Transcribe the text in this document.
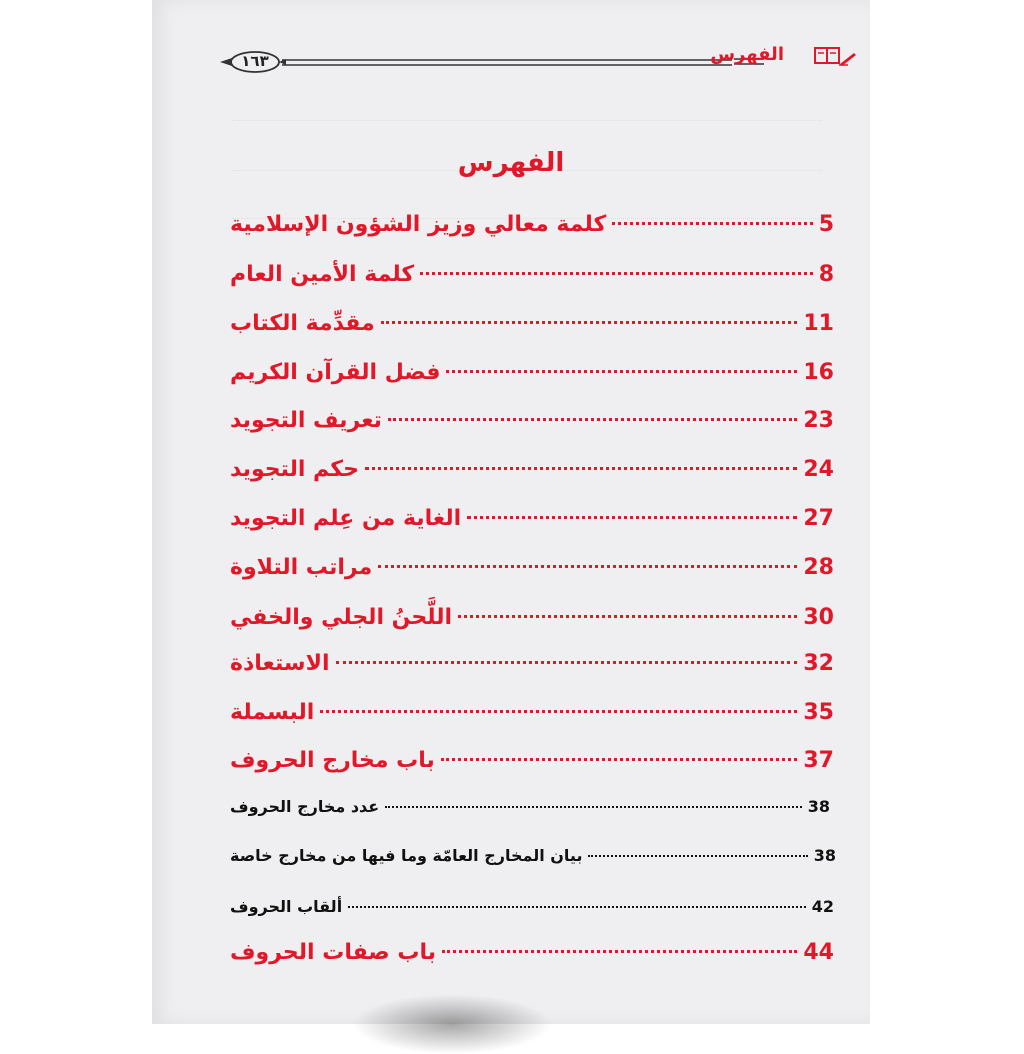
١٦٣	الفهرس
الفهرس
كلمة معالي وزيز الشؤون الإسلامية	5
كلمة الأمين العام	8
مقدِّمة الكتاب	11
فضل القرآن الكريم	16
تعريف التجويد	23
حكم التجويد	24
الغاية من عِلم التجويد	27
مراتب التلاوة	28
اللَّحنُ الجلي والخفي	30
الاستعاذة	32
البسملة	35
باب مخارج الحروف	37
عدد مخارج الحروف	38
بيان المخارج العامّة وما فيها من مخارج خاصة	38
ألقاب الحروف	42
باب صفات الحروف	44
